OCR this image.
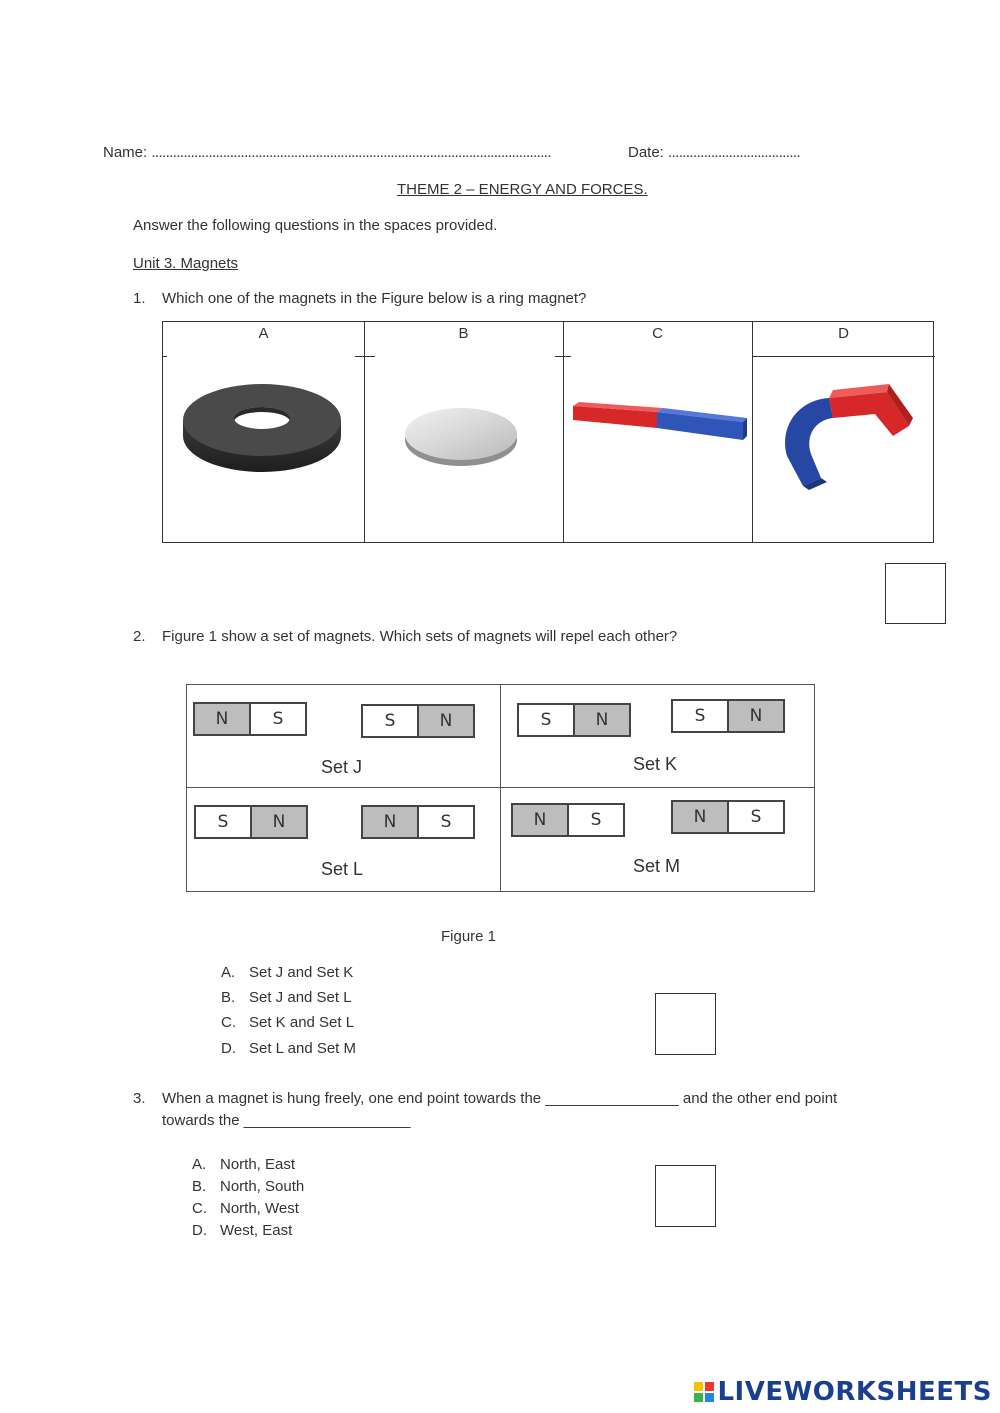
Name: ................................................................................................................	Date: .....................................
THEME 2 – ENERGY AND FORCES.
Answer the following questions in the spaces provided.
Unit 3. Magnets
1. Which one of the magnets in the Figure below is a ring magnet?
A	B	C	D
2. Figure 1 show a set of magnets. Which sets of magnets will repel each other?
N	S	S	N
Set J
S	N	S	N
Set K
S	N	N	S
Set L
N	S	N	S
Set M
Figure 1
A. Set J and Set K
B. Set J and Set L
C. Set K and Set L
D. Set L and Set M
3. When a magnet is hung freely, one end point towards the ________________ and the other end point
towards the ____________________
A. North, East
B. North, South
C. North, West
D. West, East
LIVEWORKSHEETS
